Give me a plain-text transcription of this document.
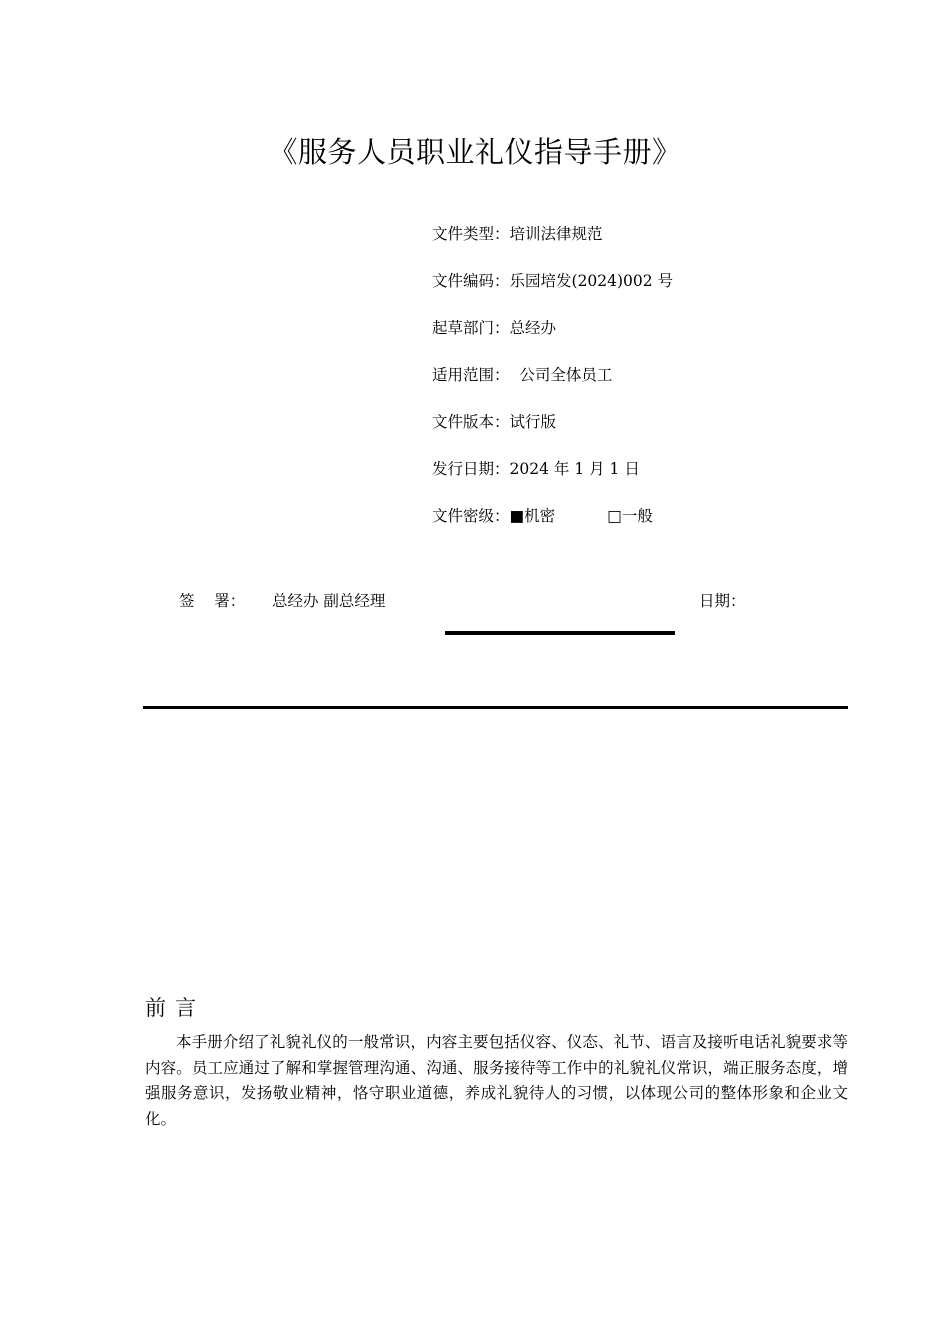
《服务人员职业礼仪指导手册》
文件类型：培训法律规范
文件编码：乐园培发(2024)002 号
起草部门：总经办
适用范围：  公司全体员工
文件版本：试行版
发行日期：2024 年 1 月 1 日
文件密级：■机密	□一般
签    署： 总经办 副总经理	日期：
前言
本手册介绍了礼貌礼仪的一般常识，内容主要包括仪容、仪态、礼节、语言及接听电话礼貌要求等内容。员工应通过了解和掌握管理沟通、沟通、服务接待等工作中的礼貌礼仪常识，端正服务态度，增强服务意识，发扬敬业精神，恪守职业道德，养成礼貌待人的习惯，以体现公司的整体形象和企业文化。
